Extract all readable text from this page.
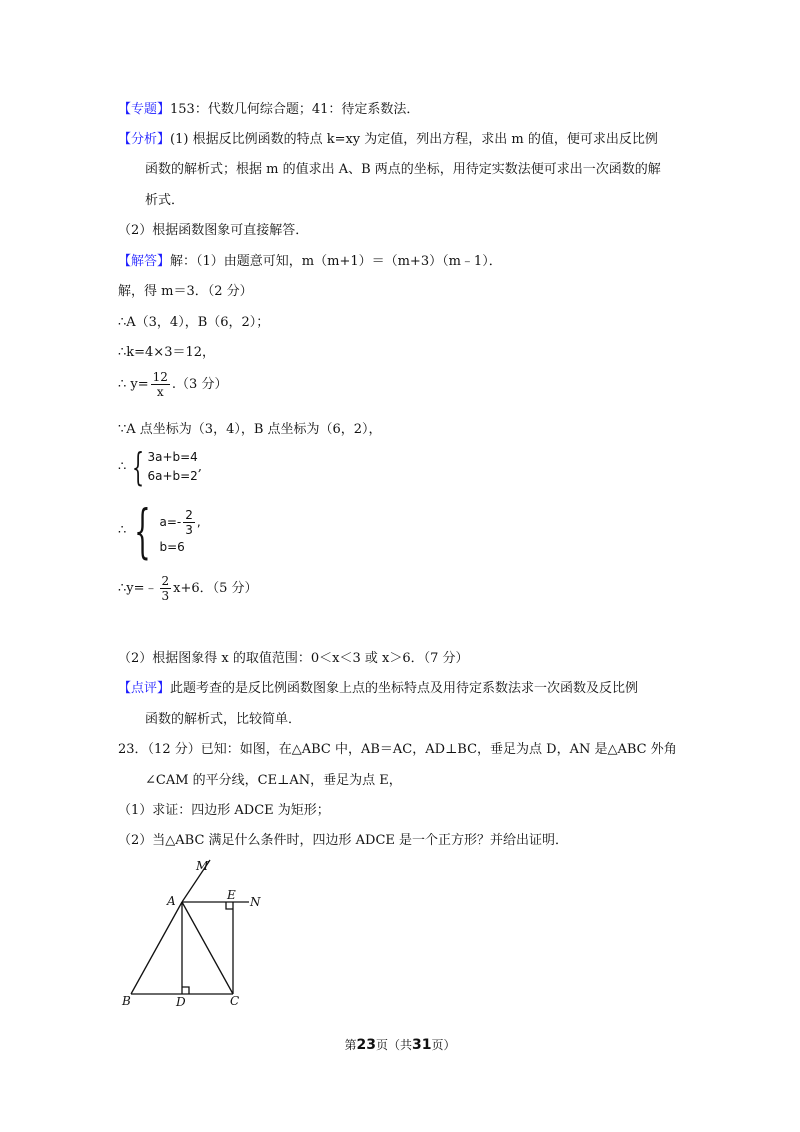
【专题】153：代数几何综合题；41：待定系数法．
【分析】(1) 根据反比例函数的特点 k=xy 为定值，列出方程，求出 m 的值，便可求出反比例
函数的解析式；根据 m 的值求出 A、B 两点的坐标，用待定实数法便可求出一次函数的解
析式．
（2）根据函数图象可直接解答．
【解答】解：（1）由题意可知，m（m+1）＝（m+3）（m﹣1）．
解，得 m＝3．（2 分）
∴A（3，4），B（6，2）；
∴k=4×3＝12，
∴ $y= \frac{12}{x} .(3$ 分）
∵A 点坐标为（3，4），B 点坐标为（6，2），
∴ { 3a+b=4
6a+b=2
,
∴ { $a=- \frac{2}{3}$ ,
b=6
∴y=﹣ $\frac{2}{3} x+6$．（5 分）
（2）根据图象得 x 的取值范围：0＜x＜3 或 x＞6．（7 分）
【点评】此题考查的是反比例函数图象上点的坐标特点及用待定系数法求一次函数及反比例
函数的解析式，比较简单．
23．（12 分）已知：如图，在△ABC 中，AB＝AC，AD⊥BC，垂足为点 D，AN 是△ABC 外角
∠CAM 的平分线，CE⊥AN，垂足为点 E，
（1）求证：四边形 ADCE 为矩形；
（2）当△ABC 满足什么条件时，四边形 ADCE 是一个正方形？并给出证明．
M
A	E N
B	D	C
第23页（共31页）
